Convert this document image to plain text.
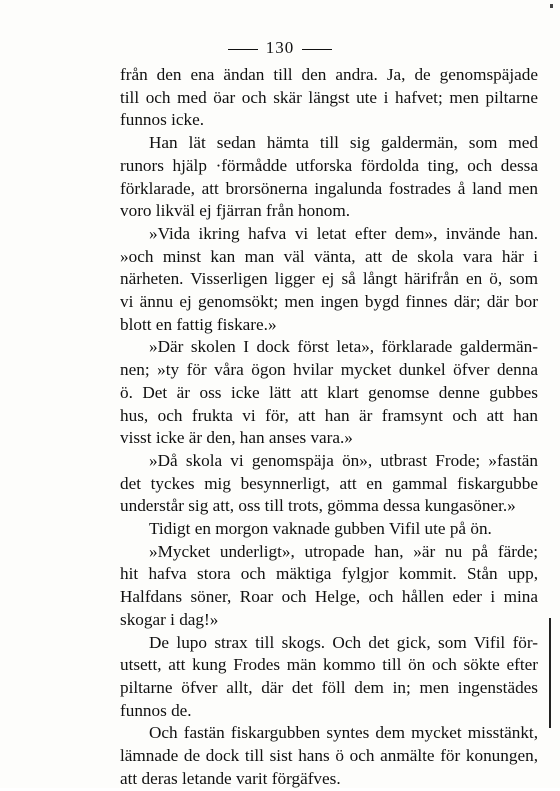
130
från den ena ändan till den andra. Ja, de genomspäjade
till och med öar och skär längst ute i hafvet; men piltarne
funnos icke.
Han lät sedan hämta till sig galdermän, som med
runors hjälp ·förmådde utforska fördolda ting, och dessa
förklarade, att brorsönerna ingalunda fostrades å land men
voro likväl ej fjärran från honom.
»Vida ikring hafva vi letat efter dem», invände han.
»och minst kan man väl vänta, att de skola vara här i
närheten. Visserligen ligger ej så långt härifrån en ö, som
vi ännu ej genomsökt; men ingen bygd finnes där; där bor
blott en fattig fiskare.»
»Där skolen I dock först leta», förklarade galdermän-
nen; »ty för våra ögon hvilar mycket dunkel öfver denna
ö. Det är oss icke lätt att klart genomse denne gubbes
hus, och frukta vi för, att han är framsynt och att han
visst icke är den, han anses vara.»
»Då skola vi genomspäja ön», utbrast Frode; »fastän
det tyckes mig besynnerligt, att en gammal fiskargubbe
understår sig att, oss till trots, gömma dessa kungasöner.»
Tidigt en morgon vaknade gubben Vifil ute på ön.
»Mycket underligt», utropade han, »är nu på färde;
hit hafva stora och mäktiga fylgjor kommit. Stån upp,
Halfdans söner, Roar och Helge, och hållen eder i mina
skogar i dag!»
De lupo strax till skogs. Och det gick, som Vifil för-
utsett, att kung Frodes män kommo till ön och sökte efter
piltarne öfver allt, där det föll dem in; men ingenstädes
funnos de.
Och fastän fiskargubben syntes dem mycket misstänkt,
lämnade de dock till sist hans ö och anmälte för konungen,
att deras letande varit förgäfves.
